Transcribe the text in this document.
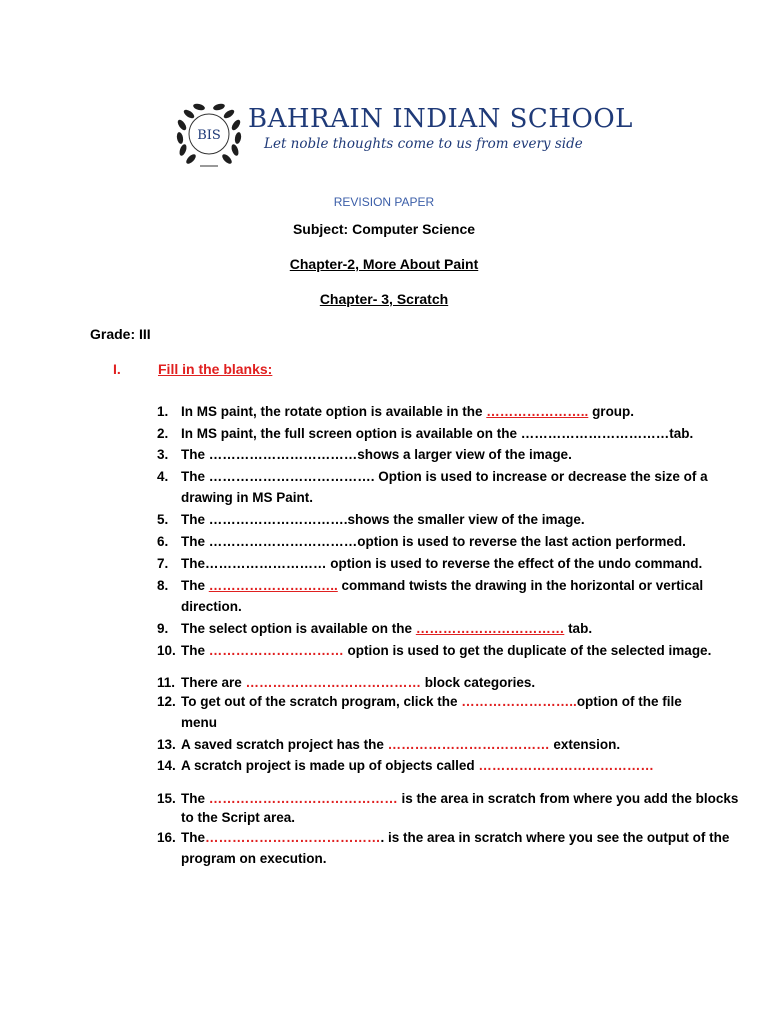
BIS
BAHRAIN INDIAN SCHOOL
Let noble thoughts come to us from every side
REVISION PAPER
Subject: Computer Science
Chapter-2, More About Paint
Chapter- 3, Scratch
Grade: III
I.	Fill in the blanks:
1. In MS paint, the rotate option is available in the ………………….. group.
2. In MS paint, the full screen option is available on the ……………………………tab.
3. The ……………………………shows a larger view of the image.
4. The ………………………………. Option is used to increase or decrease the size of a
drawing in MS Paint.
5. The ………………………….shows the smaller view of the image.
6. The ……………………………option is used to reverse the last action performed.
7. The……………………… option is used to reverse the effect of the undo command.
8. The ……………………….. command twists the drawing in the horizontal or vertical
direction.
9. The select option is available on the …………………………… tab.
10. The ………………………… option is used to get the duplicate of the selected image.
11. There are ………………………………… block categories.
12. To get out of the scratch program, click the ……………………..option of the file
menu
13. A saved scratch project has the ……………………………… extension.
14. A scratch project is made up of objects called …………………………………
15. The …………………………………… is the area in scratch from where you add the blocks
to the Script area.
16. The…………………………………. is the area in scratch where you see the output of the
program on execution.
